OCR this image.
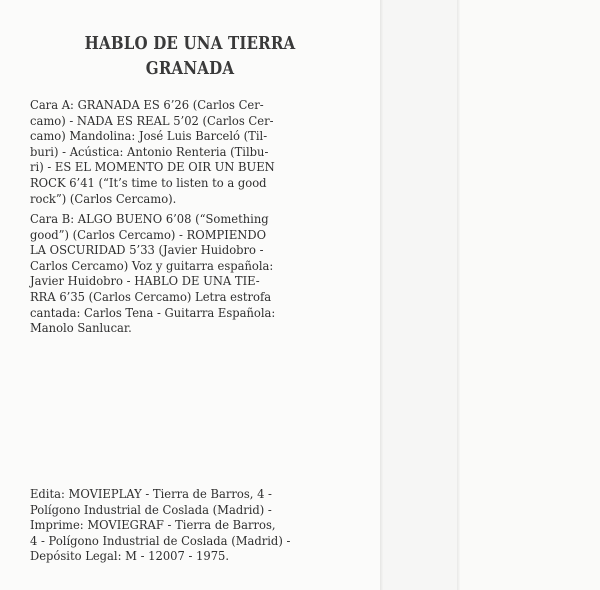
HABLO DE UNA TIERRA
GRANADA
Cara A: GRANADA ES 6’26 (Carlos Cer-
camo) - NADA ES REAL 5’02 (Carlos Cer-
camo) Mandolina: José Luis Barceló (Til-
buri) - Acústica: Antonio Renteria (Tilbu-
ri) - ES EL MOMENTO DE OIR UN BUEN
ROCK 6’41 (“It’s time to listen to a good
rock”) (Carlos Cercamo).
Cara B: ALGO BUENO 6’08 (“Something
good”) (Carlos Cercamo) - ROMPIENDO
LA OSCURIDAD 5’33 (Javier Huidobro -
Carlos Cercamo) Voz y guitarra española:
Javier Huidobro - HABLO DE UNA TIE-
RRA 6’35 (Carlos Cercamo) Letra estrofa
cantada: Carlos Tena - Guitarra Española:
Manolo Sanlucar.
Edita: MOVIEPLAY - Tierra de Barros, 4 -
Polígono Industrial de Coslada (Madrid) -
Imprime: MOVIEGRAF - Tierra de Barros,
4 - Polígono Industrial de Coslada (Madrid) -
Depósito Legal: M - 12007 - 1975.
